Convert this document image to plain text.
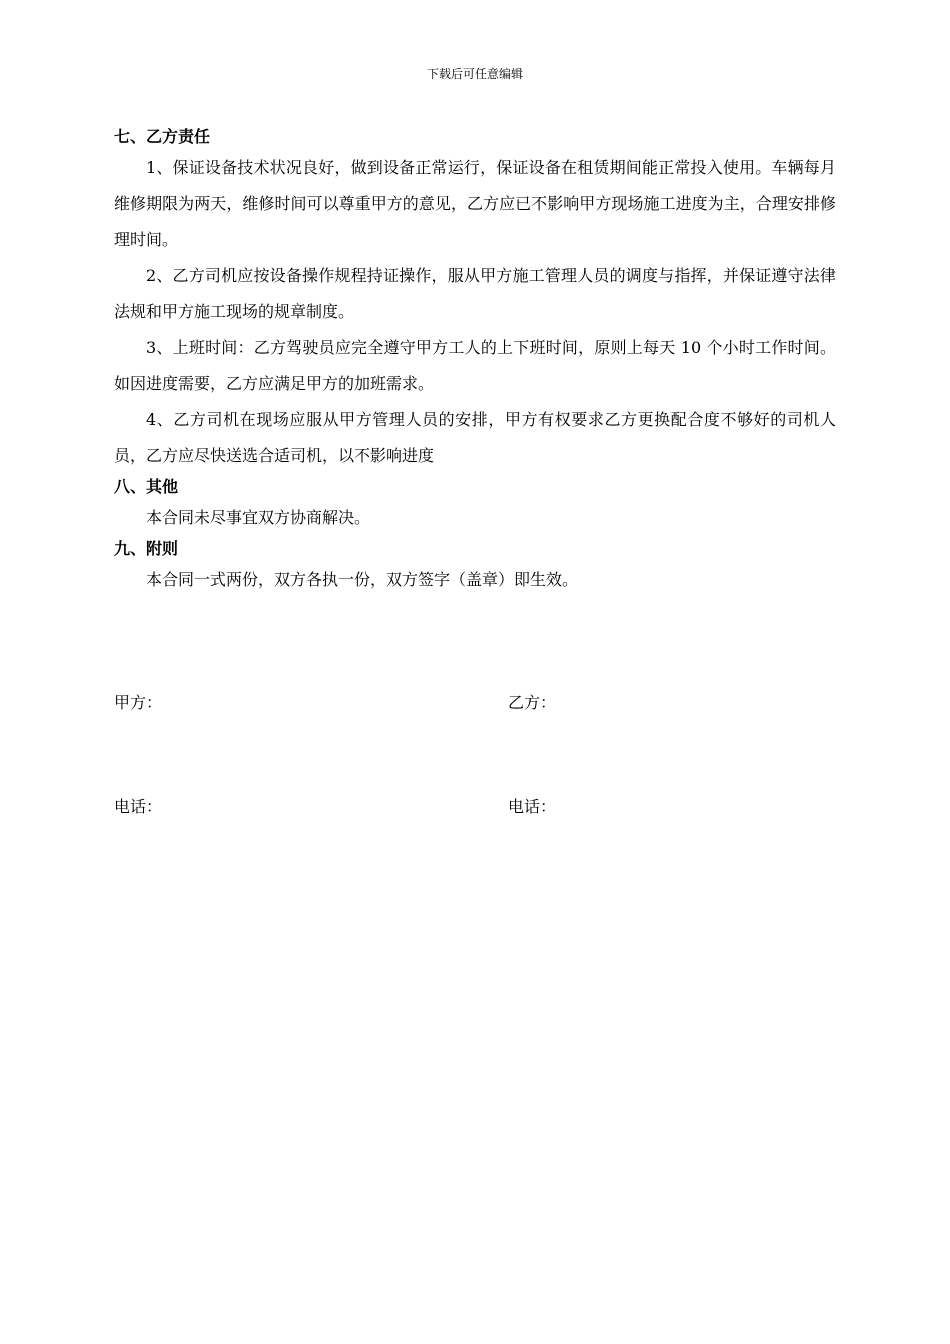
下载后可任意编辑
七、乙方责任

1、保证设备技术状况良好，做到设备正常运行，保证设备在租赁期间能正常投入使用。车辆每月维修期限为两天，维修时间可以尊重甲方的意见，乙方应已不影响甲方现场施工进度为主，合理安排修理时间。

2、乙方司机应按设备操作规程持证操作，服从甲方施工管理人员的调度与指挥，并保证遵守法律法规和甲方施工现场的规章制度。

3、上班时间：乙方驾驶员应完全遵守甲方工人的上下班时间，原则上每天 10 个小时工作时间。如因进度需要，乙方应满足甲方的加班需求。

4、乙方司机在现场应服从甲方管理人员的安排，甲方有权要求乙方更换配合度不够好的司机人员，乙方应尽快送选合适司机，以不影响进度

八、其他

本合同未尽事宜双方协商解决。

九、附则

本合同一式两份，双方各执一份，双方签字（盖章）即生效。

甲方：	乙方：
电话：	电话：
